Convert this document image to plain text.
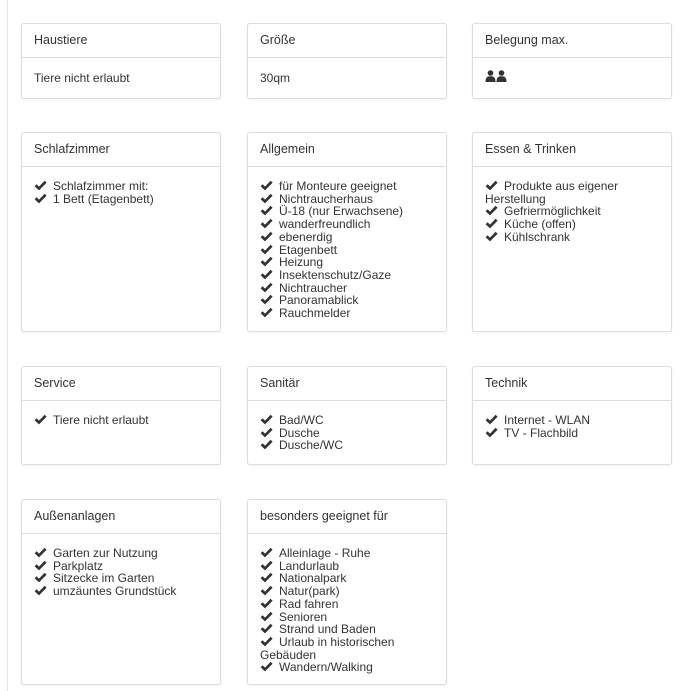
Haustiere
Tiere nicht erlaubt
Größe
30qm
Belegung max.
Schlafzimmer
Schlafzimmer mit:
1 Bett (Etagenbett)
Allgemein
für Monteure geeignet
Nichtraucherhaus
Ü-18 (nur Erwachsene)
wanderfreundlich
ebenerdig
Etagenbett
Heizung
Insektenschutz/Gaze
Nichtraucher
Panoramablick
Rauchmelder
Essen & Trinken
Produkte aus eigener Herstellung
Gefriermöglichkeit
Küche (offen)
Kühlschrank
Service
Tiere nicht erlaubt
Sanitär
Bad/WC
Dusche
Dusche/WC
Technik
Internet - WLAN
TV - Flachbild
Außenanlagen
Garten zur Nutzung
Parkplatz
Sitzecke im Garten
umzäuntes Grundstück
besonders geeignet für
Alleinlage - Ruhe
Landurlaub
Nationalpark
Natur(park)
Rad fahren
Senioren
Strand und Baden
Urlaub in historischen Gebäuden
Wandern/Walking
